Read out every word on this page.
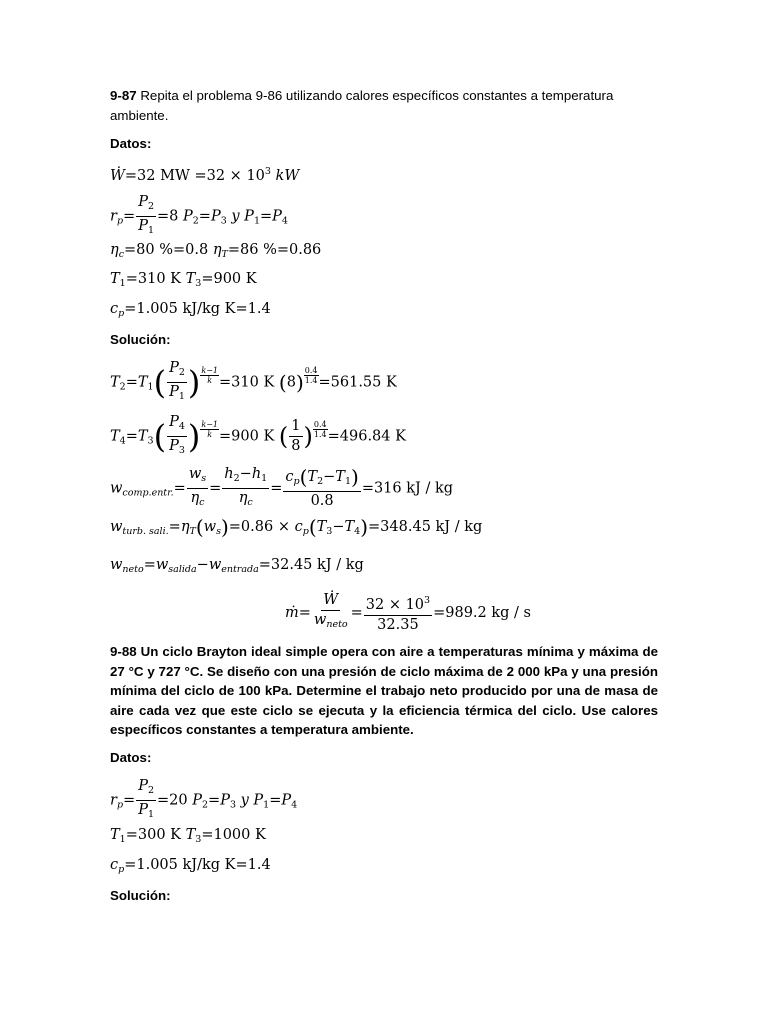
9-87 Repita el problema 9-86 utilizando calores específicos constantes a temperatura ambiente.
Datos:
Ẇ=32 MW $=32 \times 10^3$ kW
$r_p= \frac{P_2}{P_1} =8$ $P_2=P_3$ y $P_1=P_4$
$\eta_c=80$ %=0.8 $\eta_T=86$ %=0.86
$T_1=310$ K $T_3=900$ K
$c_p=1.005$ kJ/kg K=1.4
Solución:
$T_2=T_1( \frac{P_2}{P_1}$ ) $\frac{k-1}{k} =310$ K $(8) \frac{0.4}{1.4} =561.55$ K
$T_4=T_3( \frac{P_4}{P_3}$ ) $\frac{k-1}{k} =900$ K ( $\frac{1}{8}$ ) $\frac{0.4}{1.4} =496.84$ K
$w_{comp.entr.}= \frac{w_s}{\eta_c} = \frac{h_2-h_1}{\eta_c} = \frac{c_p(T_2-T_1)}{0.8} =316$ kJ / kg
$w_{turb. sali.}=\eta_T(w_s)=0.86 \times c_p(T_3-T_4)=348.45$ kJ / kg
$w_{neto}=w_{salida}-w_{entrada}=32.45$ kJ / kg
ṁ= $\frac{\text{Ẇ}}{w_{neto}} = \frac{32 \times 10^3}{32.35} =989.2$ kg / s
9-88 Un ciclo Brayton ideal simple opera con aire a temperaturas mínima y máxima de 27 °C y 727 °C. Se diseño con una presión de ciclo máxima de 2 000 kPa y una presión mínima del ciclo de 100 kPa. Determine el trabajo neto producido por una de masa de aire cada vez que este ciclo se ejecuta y la eficiencia térmica del ciclo. Use calores específicos constantes a temperatura ambiente.
Datos:
$r_p= \frac{P_2}{P_1} =20$ $P_2=P_3$ y $P_1=P_4$
$T_1=300$ K $T_3=1000$ K
$c_p=1.005$ kJ/kg K=1.4
Solución:
